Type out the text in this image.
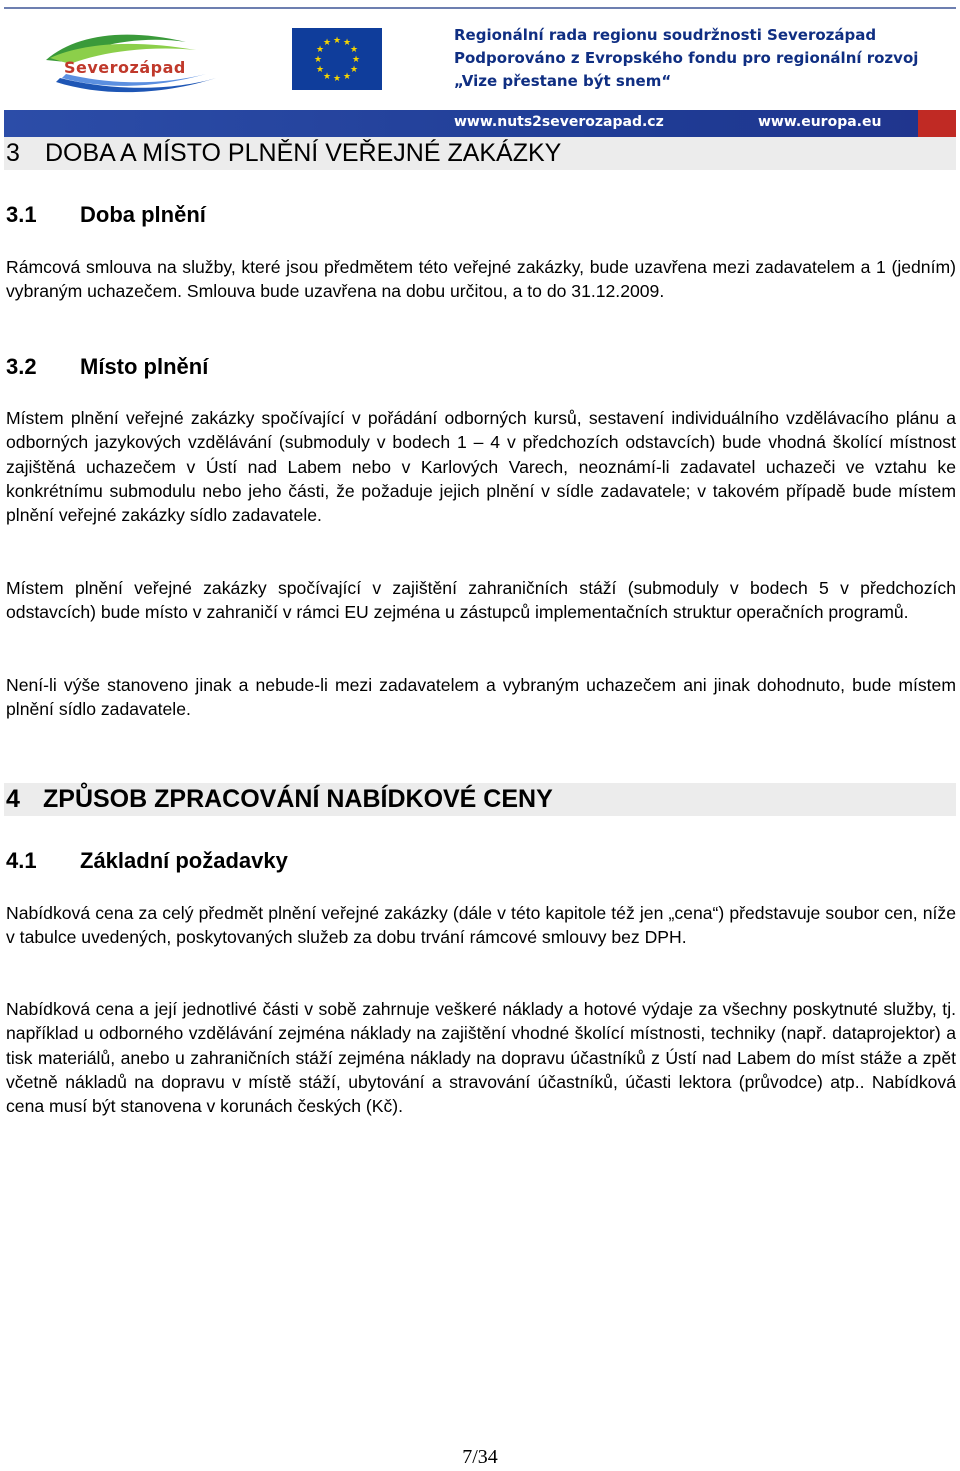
Severozápad
★ ★
★
★
★
★
★
★
★
★
★
★	Regionální rada regionu soudržnosti Severozápad
Podporováno z Evropského fondu pro regionální rozvoj
„Vize přestane být snem“
www.nuts2severozapad.cz	www.europa.eu
3 DOBA A MÍSTO PLNĚNÍ VEŘEJNÉ ZAKÁZKY
3.1 Doba plnění
Rámcová smlouva na služby, které jsou předmětem této veřejné zakázky, bude uzavřena mezi zadavatelem a 1 (jedním) vybraným uchazečem. Smlouva bude uzavřena na dobu určitou, a to do 31.12.2009.
3.2 Místo plnění
Místem plnění veřejné zakázky spočívající v pořádání odborných kursů, sestavení individuálního vzdělávacího plánu a odborných jazykových vzdělávání (submoduly v bodech 1 – 4 v předchozích odstavcích) bude vhodná školící místnost zajištěná uchazečem v Ústí nad Labem nebo v Karlových Varech, neoznámí-li zadavatel uchazeči ve vztahu ke konkrétnímu submodulu nebo jeho části, že požaduje jejich plnění v sídle zadavatele; v takovém případě bude místem plnění veřejné zakázky sídlo zadavatele.
Místem plnění veřejné zakázky spočívající v zajištění zahraničních stáží (submoduly v bodech 5 v předchozích odstavcích) bude místo v zahraničí v rámci EU zejména u zástupců implementačních struktur operačních programů.
Není-li výše stanoveno jinak a nebude-li mezi zadavatelem a vybraným uchazečem ani jinak dohodnuto, bude místem plnění sídlo zadavatele.
4 ZPŮSOB ZPRACOVÁNÍ NABÍDKOVÉ CENY
4.1 Základní požadavky
Nabídková cena za celý předmět plnění veřejné zakázky (dále v této kapitole též jen „cena“) představuje soubor cen, níže v tabulce uvedených, poskytovaných služeb za dobu trvání rámcové smlouvy bez DPH.
Nabídková cena a její jednotlivé části v sobě zahrnuje veškeré náklady a hotové výdaje za všechny poskytnuté služby, tj. například u odborného vzdělávání zejména náklady na zajištění vhodné školící místnosti, techniky (např. dataprojektor) a tisk materiálů, anebo u zahraničních stáží zejména náklady na dopravu účastníků z Ústí nad Labem do míst stáže a zpět včetně nákladů na dopravu v místě stáží, ubytování a stravování účastníků, účasti lektora (průvodce) atp.. Nabídková cena musí být stanovena v korunách českých (Kč).
7/34
